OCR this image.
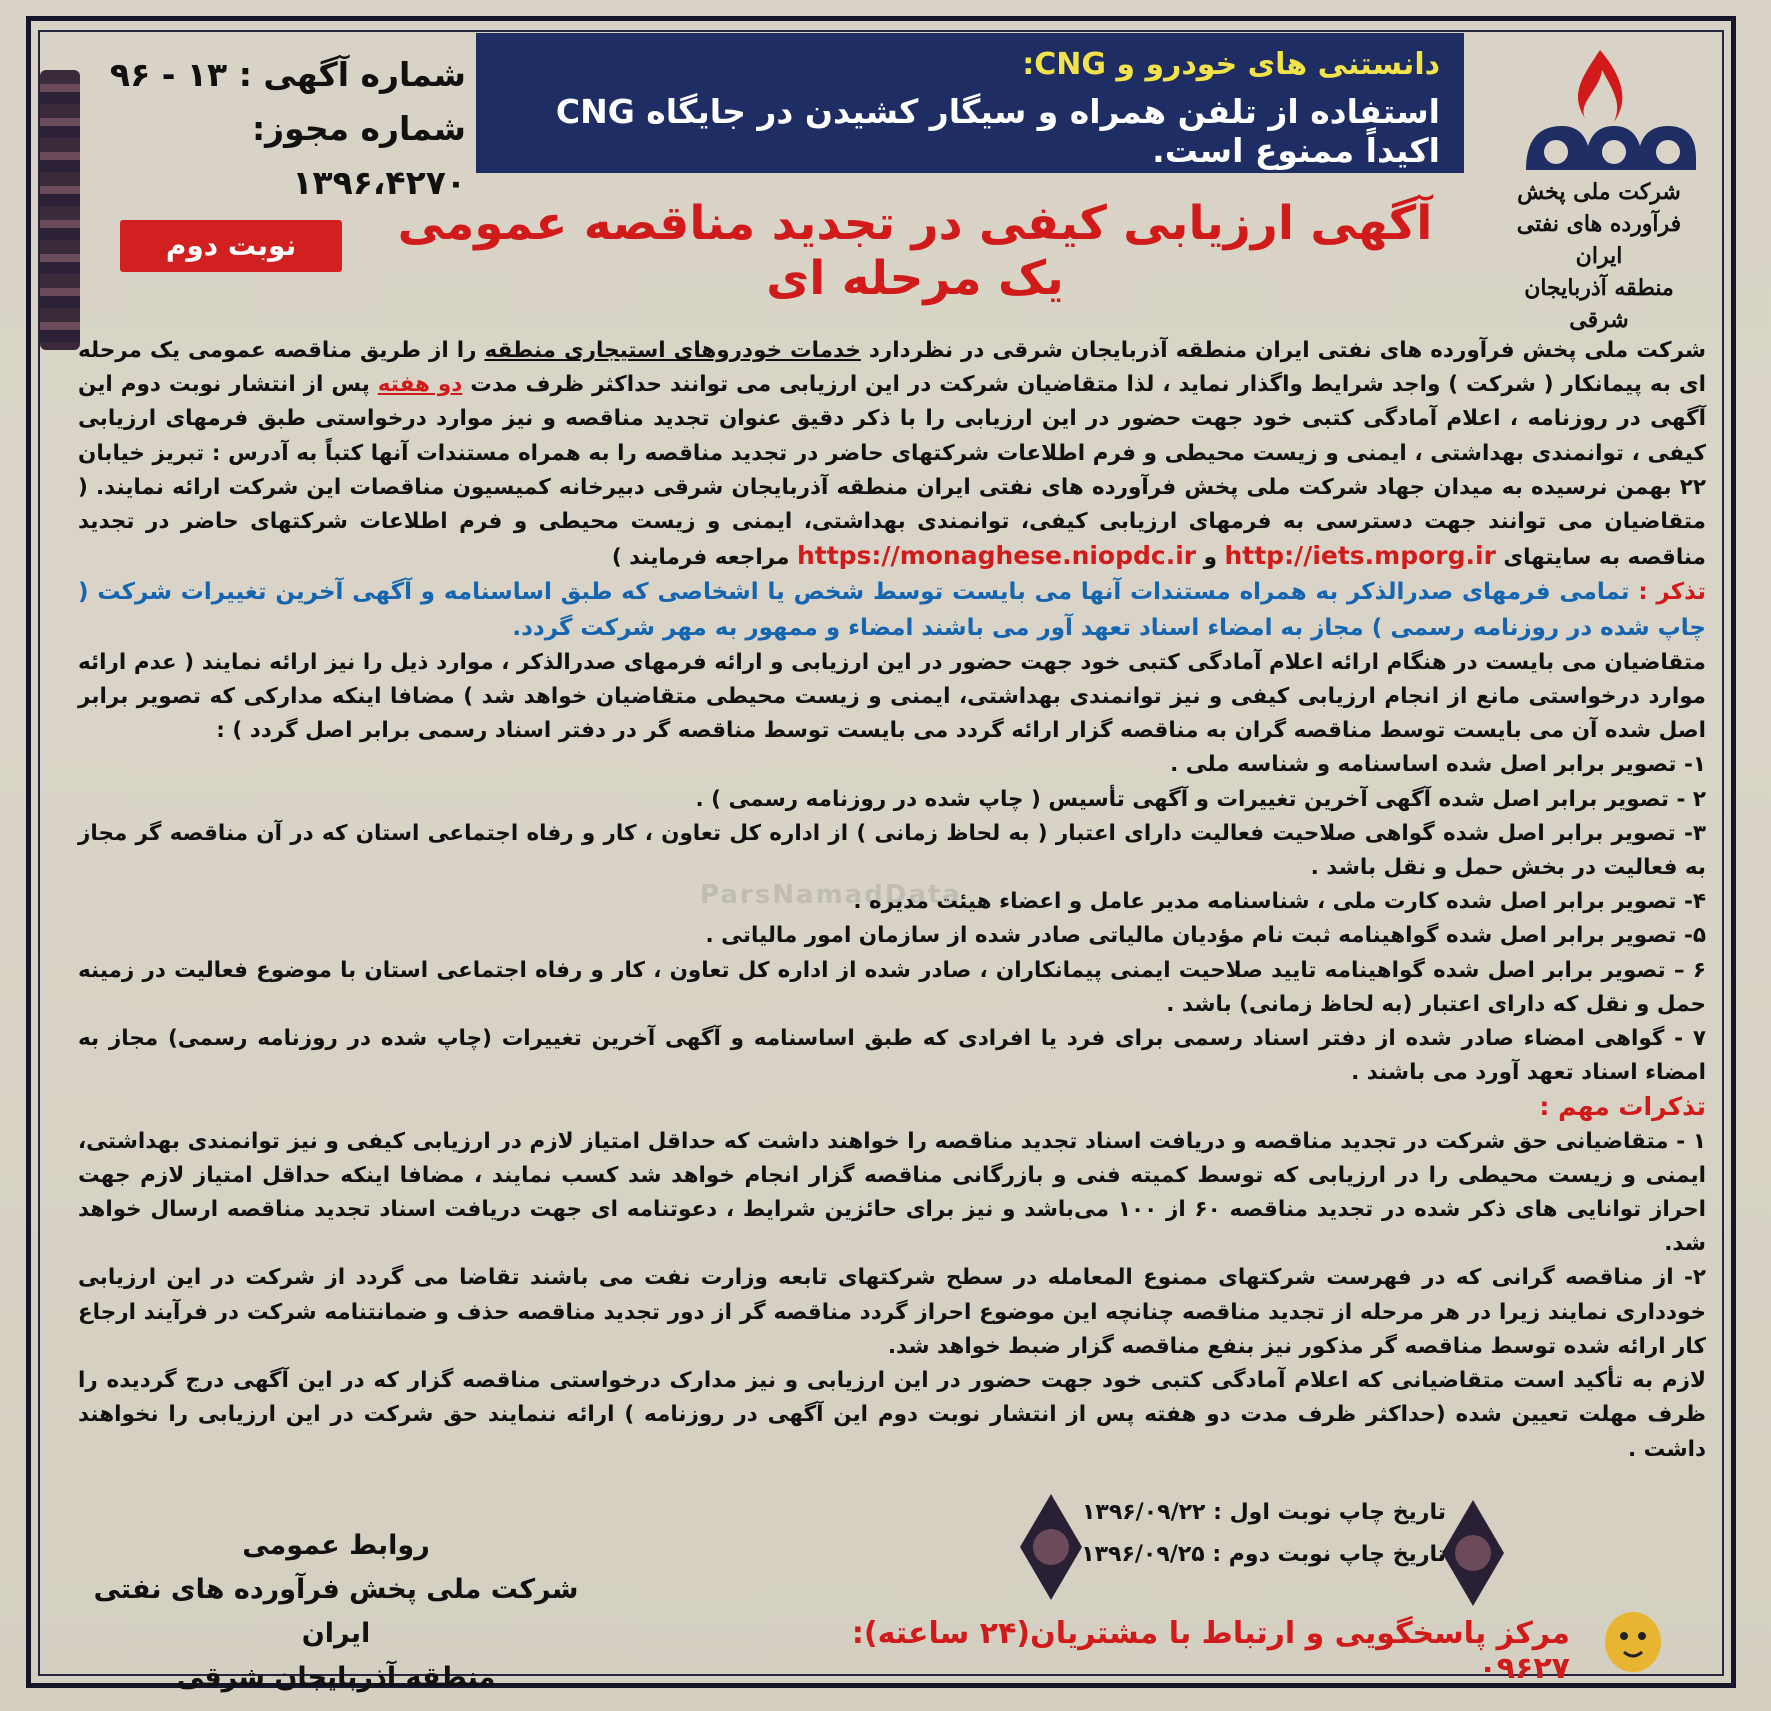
دانستنی های خودرو و CNG:
استفاده از تلفن همراه و سیگار کشیدن در جایگاه CNG اکیداً ممنوع است.
شماره آگهی : ۱۳ - ۹۶
شماره مجوز: ۱۳۹۶،۴۲۷۰	شرکت ملی پخش فرآورده های نفتی ایران
منطقه آذربایجان شرقی
آگهی ارزیابی کیفی در تجدید مناقصه عمومی یک مرحله ای
نوبت دوم
ParsNamadData

شرکت ملی پخش فرآورده های نفتی ایران منطقه آذربایجان شرقی در نظردارد خدمات خودروهای استیجاری منطقه را از طریق مناقصه عمومی یک مرحله ای به پیمانکار ( شرکت ) واجد شرایط واگذار نماید ، لذا متقاضیان شرکت در این ارزیابی می توانند حداکثر ظرف مدت دو هفته پس از انتشار نوبت دوم این آگهی در روزنامه ، اعلام آمادگی کتبی خود جهت حضور در این ارزیابی را با ذکر دقیق عنوان تجدید مناقصه و نیز موارد درخواستی طبق فرمهای ارزیابی کیفی ، توانمندی بهداشتی ، ایمنی و زیست محیطی و فرم اطلاعات شرکتهای حاضر در تجدید مناقصه را به همراه مستندات آنها کتباً به آدرس : تبریز خیابان ۲۲ بهمن نرسیده به میدان جهاد شرکت ملی پخش فرآورده های نفتی ایران منطقه آذربایجان شرقی دبیرخانه کمیسیون مناقصات این شرکت ارائه نمایند. ( متقاضیان می توانند جهت دسترسی به فرمهای ارزیابی کیفی، توانمندی بهداشتی، ایمنی و زیست محیطی و فرم اطلاعات شرکتهای حاضر در تجدید مناقصه به سایتهای http://iets.mporg.ir و https://monaghese.niopdc.ir مراجعه فرمایند )

تذکر : تمامی فرمهای صدرالذکر به همراه مستندات آنها می بایست توسط شخص یا اشخاصی که طبق اساسنامه و آگهی آخرین تغییرات شرکت ( چاپ شده در روزنامه رسمی ) مجاز به امضاء اسناد تعهد آور می باشند امضاء و ممهور به مهر شرکت گردد.

متقاضیان می بایست در هنگام ارائه اعلام آمادگی کتبی خود جهت حضور در این ارزیابی و ارائه فرمهای صدرالذکر ، موارد ذیل را نیز ارائه نمایند ( عدم ارائه موارد درخواستی مانع از انجام ارزیابی کیفی و نیز توانمندی بهداشتی، ایمنی و زیست محیطی متقاضیان خواهد شد ) مضافا اینکه مدارکی که تصویر برابر اصل شده آن می بایست توسط مناقصه گران به مناقصه گزار ارائه گردد می بایست توسط مناقصه گر در دفتر اسناد رسمی برابر اصل گردد ) :

۱- تصویر برابر اصل شده اساسنامه و شناسه ملی .

۲ - تصویر برابر اصل شده آگهی آخرین تغییرات و آگهی تأسیس ( چاپ شده در روزنامه رسمی ) .

۳- تصویر برابر اصل شده گواهی صلاحیت فعالیت دارای اعتبار ( به لحاظ زمانی ) از اداره کل تعاون ، کار و رفاه اجتماعی استان که در آن مناقصه گر مجاز به فعالیت در بخش حمل و نقل باشد .

۴- تصویر برابر اصل شده کارت ملی ، شناسنامه مدیر عامل و اعضاء هیئت مدیره .

۵- تصویر برابر اصل شده گواهینامه ثبت نام مؤدیان مالیاتی صادر شده از سازمان امور مالیاتی .

۶ – تصویر برابر اصل شده گواهینامه تایید صلاحیت ایمنی پیمانکاران ، صادر شده از اداره کل تعاون ، کار و رفاه اجتماعی استان با موضوع فعالیت در زمینه حمل و نقل که دارای اعتبار (به لحاظ زمانی) باشد .

۷ - گواهی امضاء صادر شده از دفتر اسناد رسمی برای فرد یا افرادی که طبق اساسنامه و آگهی آخرین تغییرات (چاپ شده در روزنامه رسمی) مجاز به امضاء اسناد تعهد آورد می باشند .

تذکرات مهم :

۱ - متقاضیانی حق شرکت در تجدید مناقصه و دریافت اسناد تجدید مناقصه را خواهند داشت که حداقل امتیاز لازم در ارزیابی کیفی و نیز توانمندی بهداشتی، ایمنی و زیست محیطی را در ارزیابی که توسط کمیته فنی و بازرگانی مناقصه گزار انجام خواهد شد کسب نمایند ، مضافا اینکه حداقل امتیاز لازم جهت احراز توانایی های ذکر شده در تجدید مناقصه ۶۰ از ۱۰۰ می‌باشد و نیز برای حائزین شرایط ، دعوتنامه ای جهت دریافت اسناد تجدید مناقصه ارسال خواهد شد.

۲- از مناقصه گرانی که در فهرست شرکتهای ممنوع المعامله در سطح شرکتهای تابعه وزارت نفت می باشند تقاضا می گردد از شرکت در این ارزیابی خودداری نمایند زیرا در هر مرحله از تجدید مناقصه چنانچه این موضوع احراز گردد مناقصه گر از دور تجدید مناقصه حذف و ضمانتنامه شرکت در فرآیند ارجاع کار ارائه شده توسط مناقصه گر مذکور نیز بنفع مناقصه گزار ضبط خواهد شد.

لازم به تأکید است متقاضیانی که اعلام آمادگی کتبی خود جهت حضور در این ارزیابی و نیز مدارک درخواستی مناقصه گزار که در این آگهی درج گردیده را ظرف مهلت تعیین شده (حداکثر ظرف مدت دو هفته پس از انتشار نوبت دوم این آگهی در روزنامه ) ارائه ننمایند حق شرکت در این ارزیابی را نخواهند داشت .

تاریخ چاپ نوبت اول : ۱۳۹۶/۰۹/۲۲
تاریخ چاپ نوبت دوم : ۱۳۹۶/۰۹/۲۵
روابط عمومی
شرکت ملی پخش فرآورده های نفتی ایران
منطقه آذربایجان شرقی
مرکز پاسخگویی و ارتباط با مشتریان(۲۴ ساعته): ۰۹۶۲۷
